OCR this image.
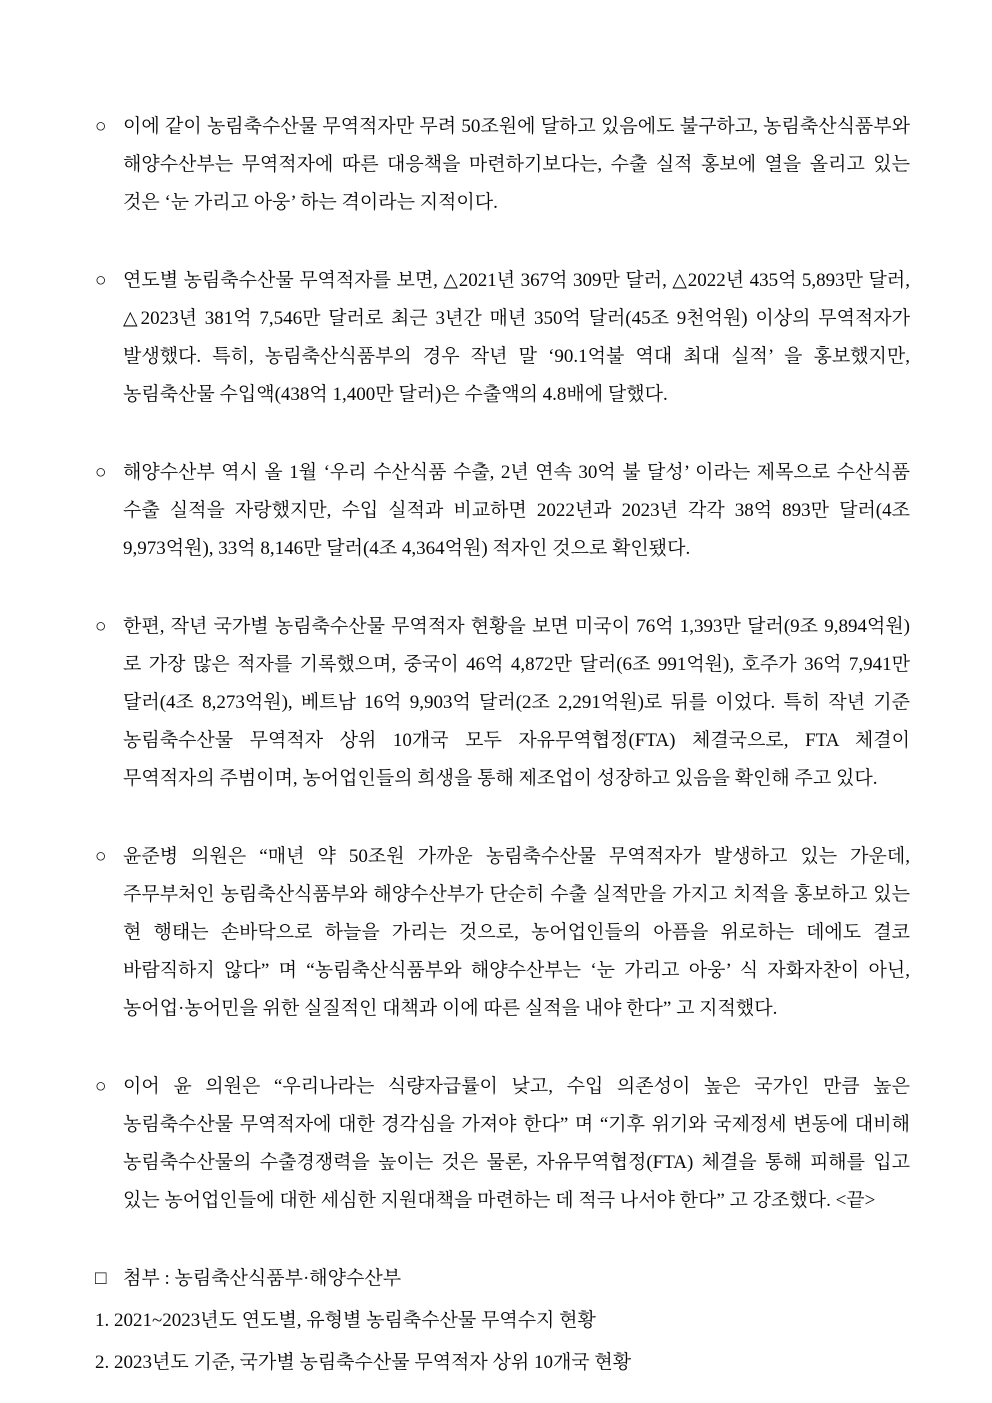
○ 이에 같이 농림축수산물 무역적자만 무려 50조원에 달하고 있음에도 불구하고, 농림축산식품부와 해양수산부는 무역적자에 따른 대응책을 마련하기보다는, 수출 실적 홍보에 열을 올리고 있는 것은 ‘눈 가리고 아웅’ 하는 격이라는 지적이다.

○ 연도별 농림축수산물 무역적자를 보면, △2021년 367억 309만 달러, △2022년 435억 5,893만 달러, △2023년 381억 7,546만 달러로 최근 3년간 매년 350억 달러(45조 9천억원) 이상의 무역적자가 발생했다. 특히, 농림축산식품부의 경우 작년 말 ‘90.1억불 역대 최대 실적’ 을 홍보했지만, 농림축산물 수입액(438억 1,400만 달러)은 수출액의 4.8배에 달했다.

○ 해양수산부 역시 올 1월 ‘우리 수산식품 수출, 2년 연속 30억 불 달성’ 이라는 제목으로 수산식품 수출 실적을 자랑했지만, 수입 실적과 비교하면 2022년과 2023년 각각 38억 893만 달러(4조 9,973억원), 33억 8,146만 달러(4조 4,364억원) 적자인 것으로 확인됐다.

○ 한편, 작년 국가별 농림축수산물 무역적자 현황을 보면 미국이 76억 1,393만 달러(9조 9,894억원)로 가장 많은 적자를 기록했으며, 중국이 46억 4,872만 달러(6조 991억원), 호주가 36억 7,941만 달러(4조 8,273억원), 베트남 16억 9,903억 달러(2조 2,291억원)로 뒤를 이었다. 특히 작년 기준 농림축수산물 무역적자 상위 10개국 모두 자유무역협정(FTA) 체결국으로, FTA 체결이 무역적자의 주범이며, 농어업인들의 희생을 통해 제조업이 성장하고 있음을 확인해 주고 있다.

○ 윤준병 의원은 “매년 약 50조원 가까운 농림축수산물 무역적자가 발생하고 있는 가운데, 주무부처인 농림축산식품부와 해양수산부가 단순히 수출 실적만을 가지고 치적을 홍보하고 있는 현 행태는 손바닥으로 하늘을 가리는 것으로, 농어업인들의 아픔을 위로하는 데에도 결코 바람직하지 않다” 며 “농림축산식품부와 해양수산부는 ‘눈 가리고 아웅’ 식 자화자찬이 아닌, 농어업·농어민을 위한 실질적인 대책과 이에 따른 실적을 내야 한다” 고 지적했다.

○ 이어 윤 의원은 “우리나라는 식량자급률이 낮고, 수입 의존성이 높은 국가인 만큼 높은 농림축수산물 무역적자에 대한 경각심을 가져야 한다” 며 “기후 위기와 국제정세 변동에 대비해 농림축수산물의 수출경쟁력을 높이는 것은 물론, 자유무역협정(FTA) 체결을 통해 피해를 입고 있는 농어업인들에 대한 세심한 지원대책을 마련하는 데 적극 나서야 한다” 고 강조했다. <끝>

□ 첨부 : 농림축산식품부·해양수산부

1. 2021~2023년도 연도별, 유형별 농림축수산물 무역수지 현황

2. 2023년도 기준, 국가별 농림축수산물 무역적자 상위 10개국 현황
